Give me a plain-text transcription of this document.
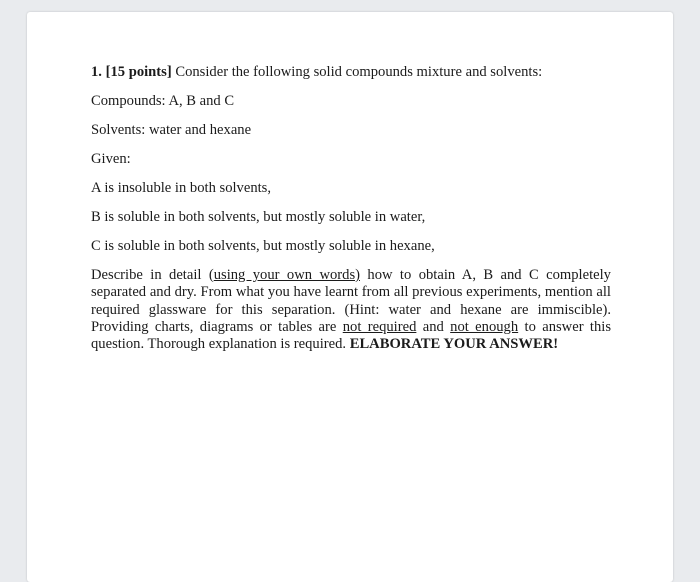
1. [15 points] Consider the following solid compounds mixture and solvents:

Compounds: A, B and C

Solvents: water and hexane

Given:

A is insoluble in both solvents,

B is soluble in both solvents, but mostly soluble in water,

C is soluble in both solvents, but mostly soluble in hexane,

Describe in detail (using your own words) how to obtain A, B and C completely separated and dry. From what you have learnt from all previous experiments, mention all required glassware for this separation. (Hint: water and hexane are immiscible). Providing charts, diagrams or tables are not required and not enough to answer this question. Thorough explanation is required. ELABORATE YOUR ANSWER!
